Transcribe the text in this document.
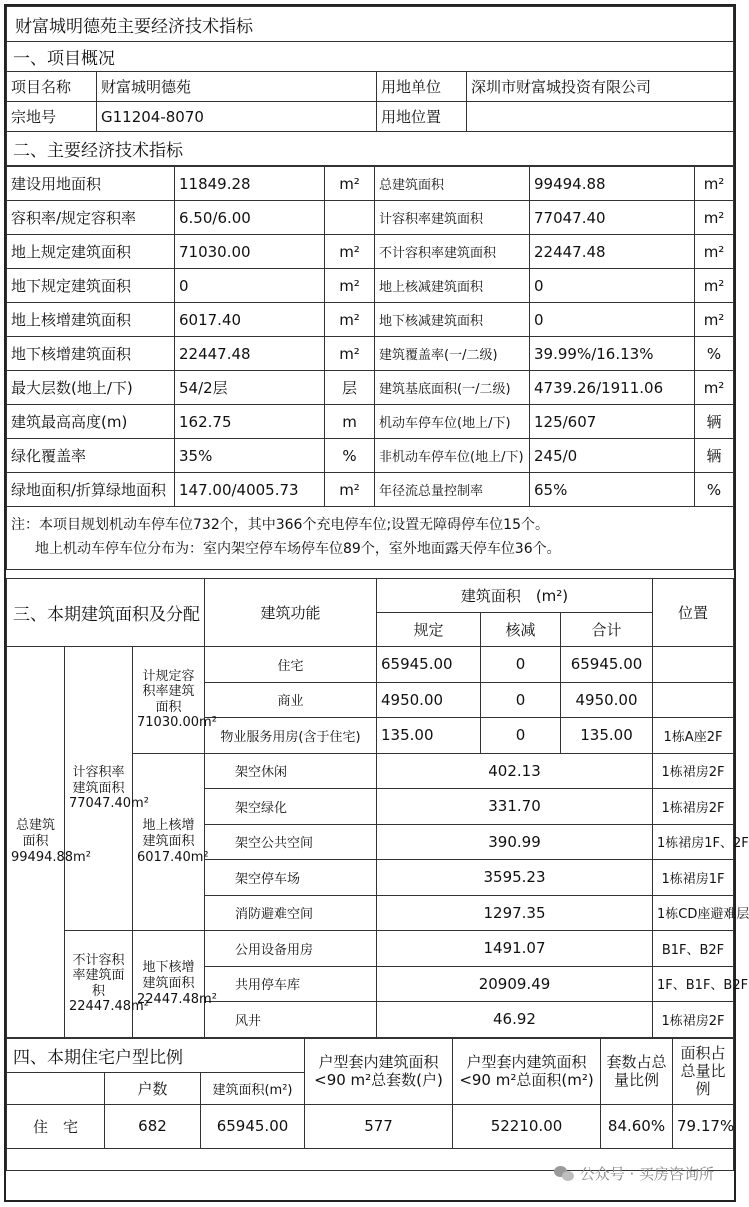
财富城明德苑主要经济技术指标			
一、项目概况			
项目名称	财富城明德苑	用地单位	深圳市财富城投资有限公司
宗地号	G11204-8070	用地位置	
二、主要经济技术指标			
建设用地面积	11849.28	m²	总建筑面积	99494.88	m²
容积率/规定容积率	6.50/6.00		计容积率建筑面积	77047.40	m²
地上规定建筑面积	71030.00	m²	不计容积率建筑面积	22447.48	m²
地下规定建筑面积	0	m²	地上核减建筑面积	0	m²
地上核增建筑面积	6017.40	m²	地下核减建筑面积	0	m²
地下核增建筑面积	22447.48	m²	建筑覆盖率(一/二级)	39.99%/16.13%	%
最大层数(地上/下)	54/2层	层	建筑基底面积(一/二级)	4739.26/1911.06	m²
建筑最高高度(m)	162.75	m	机动车停车位(地上/下)	125/607	辆
绿化覆盖率	35%	%	非机动车停车位(地上/下)	245/0	辆
绿地面积/折算绿地面积	147.00/4005.73	m²	年径流总量控制率	65%	%

注：本项目规划机动车停车位732个，其中366个充电停车位;设置无障碍停车位15个。
地上机动车停车位分布为：室内架空停车场停车位89个，室外地面露天停车位36个。					
三、本期建筑面积及分配			建筑功能	建筑面积　(m²)			位置
				规定	核减	合计	
总建筑面积99494.88m²	计容积率建筑面积77047.40m²	计规定容积率建筑面积71030.00m²	住宅	65945.00	0	65945.00	
			商业	4950.00	0	4950.00	
			物业服务用房(含于住宅)	135.00	0	135.00	1栋A座2F
		地上核增建筑面积6017.40m²	架空休闲	402.13			1栋裙房2F
			架空绿化	331.70			1栋裙房2F
			架空公共空间	390.99			1栋裙房1F、2F
			架空停车场	3595.23			1栋裙房1F
			消防避难空间	1297.35			1栋CD座避难层
	不计容积率建筑面积22447.48m²	地下核增建筑面积22447.48m²	公用设备用房	1491.07			B1F、B2F
			共用停车库	20909.49			1F、B1F、B2F
			风井	46.92			1栋裙房2F
四、本期住宅户型比例			户型套内建筑面积<90 m²总套数(户)	户型套内建筑面积<90 m²总面积(m²)	套数占总量比例	面积占总量比例
	户数	建筑面积(m²)				
住　宅	682	65945.00	577	52210.00	84.60%	79.17%

公众号 · 买房咨询所
